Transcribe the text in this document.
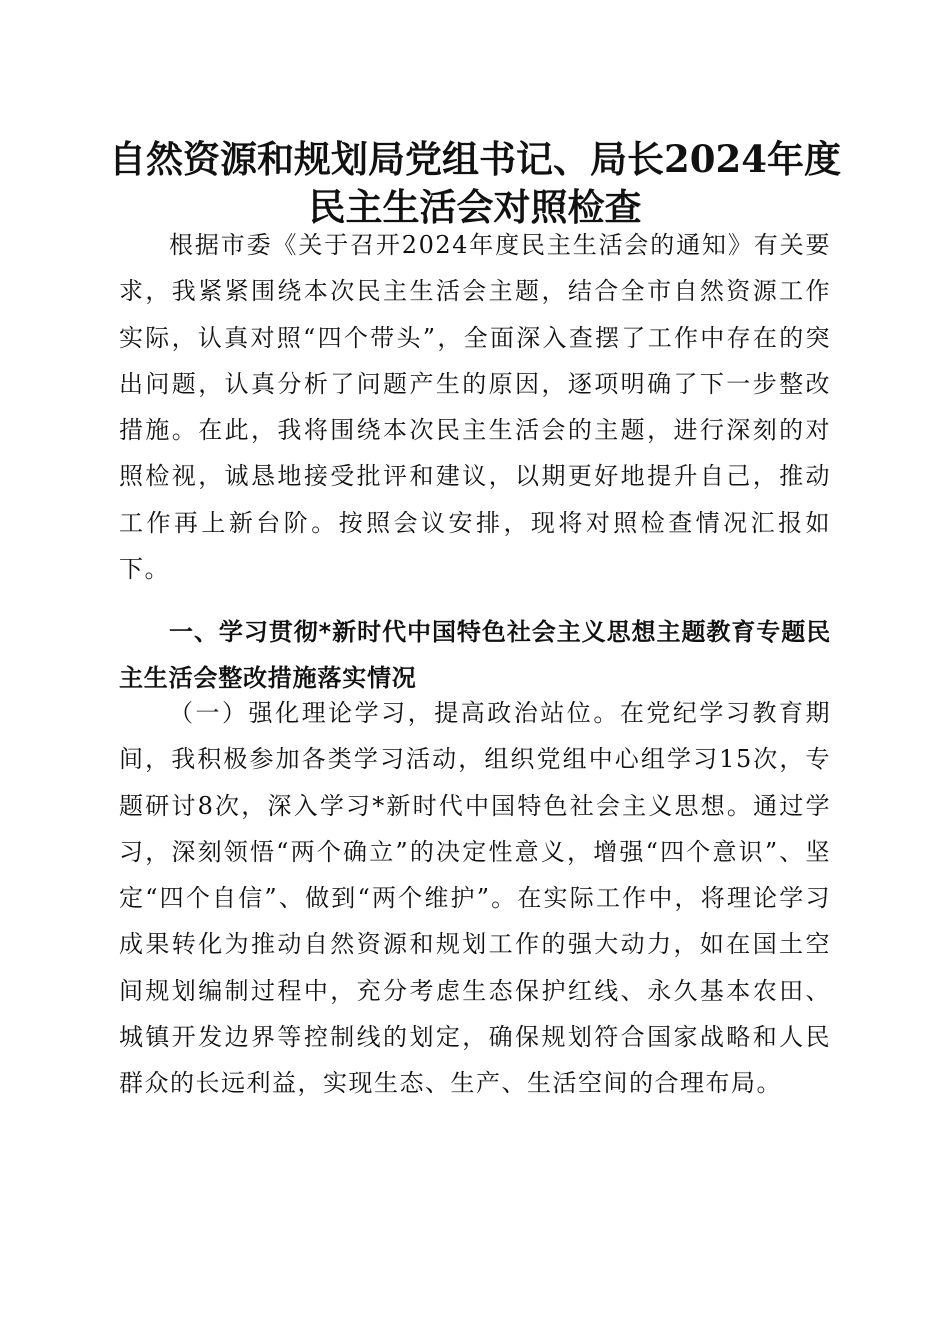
自然资源和规划局党组书记、局长2024年度
民主生活会对照检查

根据市委《关于召开2024年度民主生活会的通知》有关要求，我紧紧围绕本次民主生活会主题，结合全市自然资源工作实际，认真对照“四个带头”，全面深入查摆了工作中存在的突出问题，认真分析了问题产生的原因，逐项明确了下一步整改措施。在此，我将围绕本次民主生活会的主题，进行深刻的对照检视，诚恳地接受批评和建议，以期更好地提升自己，推动工作再上新台阶。按照会议安排，现将对照检查情况汇报如下。

一、学习贯彻*新时代中国特色社会主义思想主题教育专题民主生活会整改措施落实情况

（一）强化理论学习，提高政治站位。在党纪学习教育期间，我积极参加各类学习活动，组织党组中心组学习15次，专题研讨8次，深入学习*新时代中国特色社会主义思想。通过学习，深刻领悟“两个确立”的决定性意义，增强“四个意识”、坚定“四个自信”、做到“两个维护”。在实际工作中，将理论学习成果转化为推动自然资源和规划工作的强大动力，如在国土空间规划编制过程中，充分考虑生态保护红线、永久基本农田、城镇开发边界等控制线的划定，确保规划符合国家战略和人民群众的长远利益，实现生态、生产、生活空间的合理布局。
